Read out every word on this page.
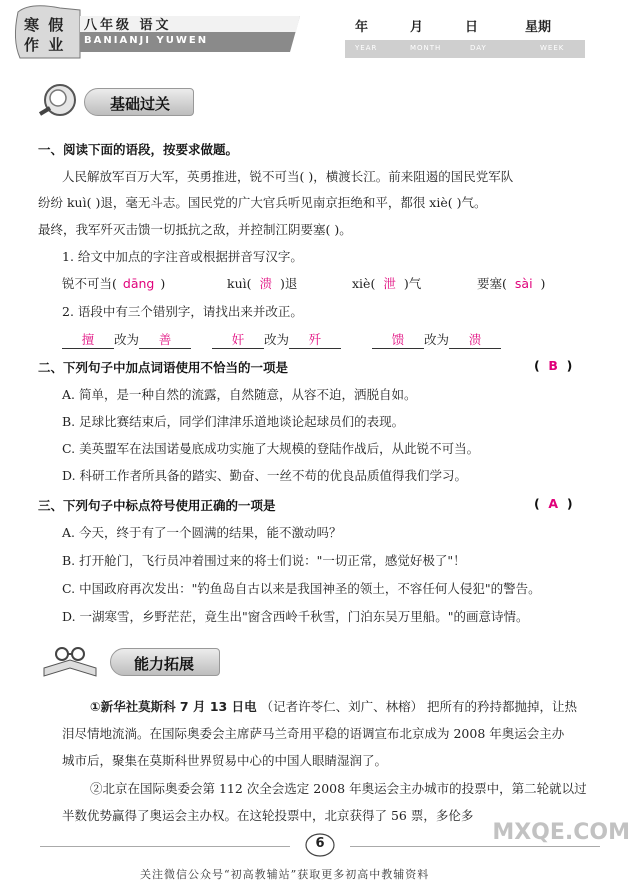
寒 假
作 业
八年级 语文
BANIANJI YUWEN
年	月	日	星期
YEAR	MONTH	DAY	WEEK
基础过关
一、阅读下面的语段，按要求做题。
人民解放军百万大军，英勇推进，锐不可当( )，横渡长江。前来阻遏的国民党军队
纷纷 kuì( )退，毫无斗志。国民党的广大官兵听见南京拒绝和平，都很 xiè( )气。
最终，我军歼灭击馈一切抵抗之敌，并控制江阴要塞( )。
1. 给文中加点的字注音或根据拼音写汉字。
锐不可当( dāng )	kuì( 溃 )退	xiè( 泄 )气	要塞( sài )
2. 语段中有三个错别字，请找出来并改正。
擅 改为 善	奸 改为 歼	馈 改为 溃
二、下列句子中加点词语使用不恰当的一项是	(  B  )
A. 简单，是一种自然的流露，自然随意，从容不迫，洒脱自如。
B. 足球比赛结束后，同学们津津乐道地谈论起球员们的表现。
C. 美英盟军在法国诺曼底成功实施了大规模的登陆作战后，从此锐不可当。
D. 科研工作者所具备的踏实、勤奋、一丝不苟的优良品质值得我们学习。
三、下列句子中标点符号使用正确的一项是	(  A  )
A. 今天，终于有了一个圆满的结果，能不激动吗？
B. 打开舱门，飞行员冲着围过来的将士们说："一切正常，感觉好极了"！
C. 中国政府再次发出："钓鱼岛自古以来是我国神圣的领土，不容任何人侵犯"的警告。
D. 一湖寒雪，乡野茫茫，竟生出"窗含西岭千秋雪，门泊东吴万里船。"的画意诗情。
能力拓展
①新华社莫斯科 7 月 13 日电 （记者许苓仁、刘广、林榕） 把所有的矜持都抛掉，让热
泪尽情地流淌。在国际奥委会主席萨马兰奇用平稳的语调宣布北京成为 2008 年奥运会主办
城市后，聚集在莫斯科世界贸易中心的中国人眼睛湿润了。
②北京在国际奥委会第 112 次全会选定 2008 年奥运会主办城市的投票中，第二轮就以过
半数优势赢得了奥运会主办权。在这轮投票中，北京获得了 56 票，多伦多
6
关注微信公众号“初高教辅站”获取更多初高中教辅资料
MXQE.COM
